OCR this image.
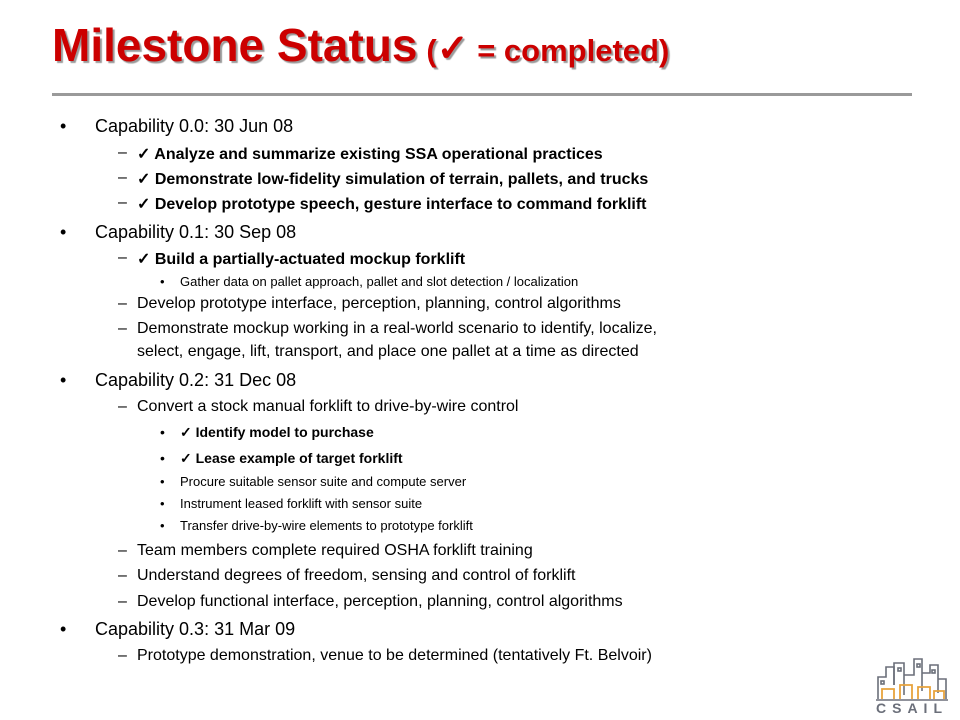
Milestone Status (✓ = completed)
• Capability 0.0: 30 Jun 08
– ✓ Analyze and summarize existing SSA operational practices
– ✓ Demonstrate low-fidelity simulation of terrain, pallets, and trucks
– ✓ Develop prototype speech, gesture interface to command forklift
• Capability 0.1: 30 Sep 08
– ✓ Build a partially-actuated mockup forklift
• Gather data on pallet approach, pallet and slot detection / localization
– Develop prototype interface, perception, planning, control algorithms
– Demonstrate mockup working in a real-world scenario to identify, localize,
select, engage, lift, transport, and place one pallet at a time as directed
• Capability 0.2: 31 Dec 08
– Convert a stock manual forklift to drive-by-wire control
• ✓ Identify model to purchase
• ✓ Lease example of target forklift
• Procure suitable sensor suite and compute server
• Instrument leased forklift with sensor suite
• Transfer drive-by-wire elements to prototype forklift
– Team members complete required OSHA forklift training
– Understand degrees of freedom, sensing and control of forklift
– Develop functional interface, perception, planning, control algorithms
• Capability 0.3: 31 Mar 09
– Prototype demonstration, venue to be determined (tentatively Ft. Belvoir)
CSAIL
